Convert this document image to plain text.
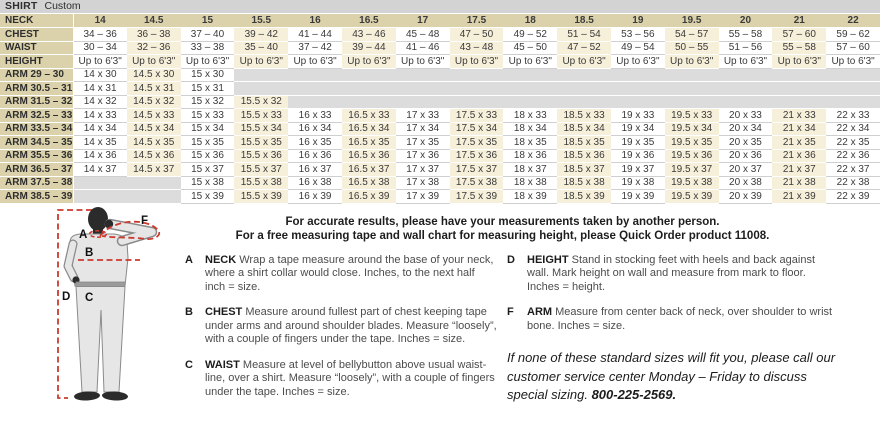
SHIRT Custom
NECK	14	14.5	15	15.5	16	16.5	17	17.5	18	18.5	19	19.5	20	21	22
CHEST	34 – 36	36 – 38	37 – 40	39 – 42	41 – 44	43 – 46	45 – 48	47 – 50	49 – 52	51 – 54	53 – 56	54 – 57	55 – 58	57 – 60	59 – 62
WAIST	30 – 34	32 – 36	33 – 38	35 – 40	37 – 42	39 – 44	41 – 46	43 – 48	45 – 50	47 – 52	49 – 54	50 – 55	51 – 56	55 – 58	57 – 60
HEIGHT	Up to 6'3"	Up to 6'3"	Up to 6'3"	Up to 6'3"	Up to 6'3"	Up to 6'3"	Up to 6'3"	Up to 6'3"	Up to 6'3"	Up to 6'3"	Up to 6'3"	Up to 6'3"	Up to 6'3"	Up to 6'3"	Up to 6'3"
ARM 29 – 30	14 x 30	14.5 x 30	15 x 30												
ARM 30.5 – 31	14 x 31	14.5 x 31	15 x 31												
ARM 31.5 – 32	14 x 32	14.5 x 32	15 x 32	15.5 x 32											
ARM 32.5 – 33	14 x 33	14.5 x 33	15 x 33	15.5 x 33	16 x 33	16.5 x 33	17 x 33	17.5 x 33	18 x 33	18.5 x 33	19 x 33	19.5 x 33	20 x 33	21 x 33	22 x 33
ARM 33.5 – 34	14 x 34	14.5 x 34	15 x 34	15.5 x 34	16 x 34	16.5 x 34	17 x 34	17.5 x 34	18 x 34	18.5 x 34	19 x 34	19.5 x 34	20 x 34	21 x 34	22 x 34
ARM 34.5 – 35	14 x 35	14.5 x 35	15 x 35	15.5 x 35	16 x 35	16.5 x 35	17 x 35	17.5 x 35	18 x 35	18.5 x 35	19 x 35	19.5 x 35	20 x 35	21 x 35	22 x 35
ARM 35.5 – 36	14 x 36	14.5 x 36	15 x 36	15.5 x 36	16 x 36	16.5 x 36	17 x 36	17.5 x 36	18 x 36	18.5 x 36	19 x 36	19.5 x 36	20 x 36	21 x 36	22 x 36
ARM 36.5 – 37	14 x 37	14.5 x 37	15 x 37	15.5 x 37	16 x 37	16.5 x 37	17 x 37	17.5 x 37	18 x 37	18.5 x 37	19 x 37	19.5 x 37	20 x 37	21 x 37	22 x 37
ARM 37.5 – 38			15 x 38	15.5 x 38	16 x 38	16.5 x 38	17 x 38	17.5 x 38	18 x 38	18.5 x 38	19 x 38	19.5 x 38	20 x 38	21 x 38	22 x 38
ARM 38.5 – 39			15 x 39	15.5 x 39	16 x 39	16.5 x 39	17 x 39	17.5 x 39	18 x 39	18.5 x 39	19 x 39	19.5 x 39	20 x 39	21 x 39	22 x 39
For accurate results, please have your measurements taken by another person.
For a free measuring tape and wall chart for measuring height, please Quick Order product 11008.
A
B
C
D
F
A	NECK Wrap a tape measure around the base of your neck, where a shirt collar would close. Inches, to the next half inch = size.

B	CHEST Measure around fullest part of chest keeping tape under arms and around shoulder blades. Measure “loosely”, with a couple of fingers under the tape. Inches = size.

C	WAIST Measure at level of bellybutton above usual waist-line, over a shirt. Measure “loosely”, with a couple of fingers under the tape. Inches = size.

D	HEIGHT Stand in stocking feet with heels and back against wall. Mark height on wall and measure from mark to floor. Inches = height.

F	ARM Measure from center back of neck, over shoulder to wrist bone. Inches = size.

If none of these standard sizes will fit you, please call our customer service center Monday – Friday to discuss special sizing. 800-225-2569.
